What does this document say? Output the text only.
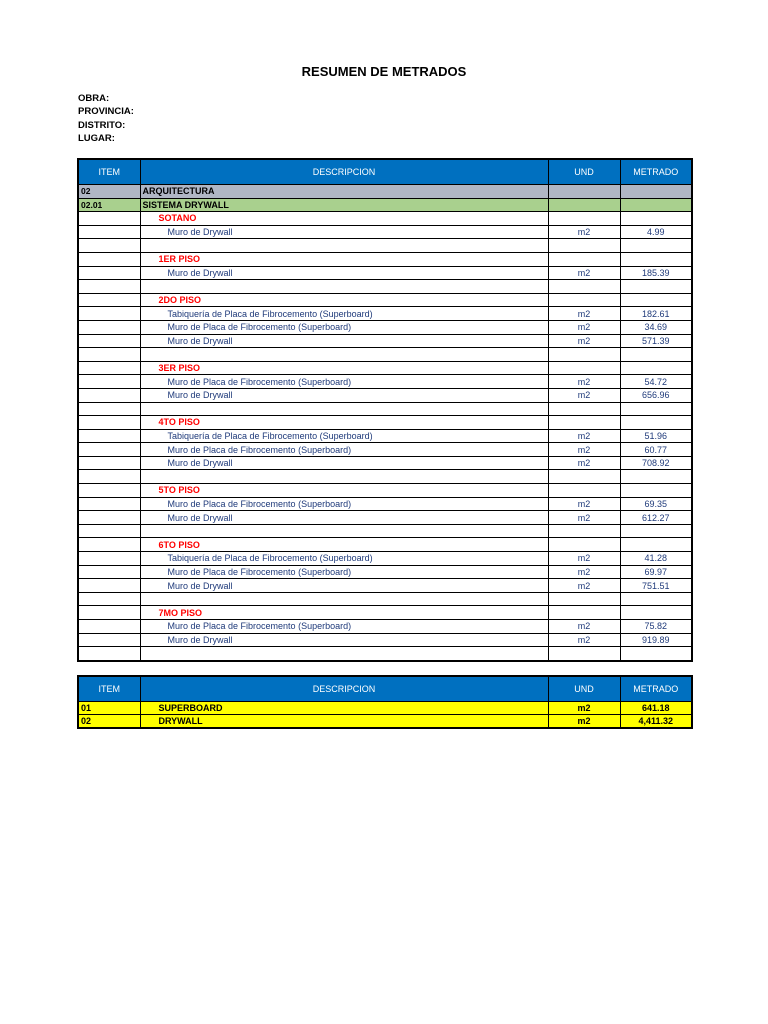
RESUMEN DE METRADOS
OBRA:
PROVINCIA:
DISTRITO:
LUGAR:
ITEM	DESCRIPCION	UND	METRADO
02	ARQUITECTURA		
02.01	SISTEMA DRYWALL		
	SOTANO		
	Muro de Drywall	m2	4.99

	1ER PISO		
	Muro de Drywall	m2	185.39

	2DO PISO		
	Tabiquería de Placa de Fibrocemento (Superboard)	m2	182.61
	Muro de Placa de Fibrocemento (Superboard)	m2	34.69
	Muro de Drywall	m2	571.39

	3ER PISO		
	Muro de Placa de Fibrocemento (Superboard)	m2	54.72
	Muro de Drywall	m2	656.96

	4TO PISO		
	Tabiquería de Placa de Fibrocemento (Superboard)	m2	51.96
	Muro de Placa de Fibrocemento (Superboard)	m2	60.77
	Muro de Drywall	m2	708.92

	5TO PISO		
	Muro de Placa de Fibrocemento (Superboard)	m2	69.35
	Muro de Drywall	m2	612.27

	6TO PISO		
	Tabiquería de Placa de Fibrocemento (Superboard)	m2	41.28
	Muro de Placa de Fibrocemento (Superboard)	m2	69.97
	Muro de Drywall	m2	751.51

	7MO PISO		
	Muro de Placa de Fibrocemento (Superboard)	m2	75.82
	Muro de Drywall	m2	919.89

ITEM	DESCRIPCION	UND	METRADO
01	SUPERBOARD	m2	641.18
02	DRYWALL	m2	4,411.32
